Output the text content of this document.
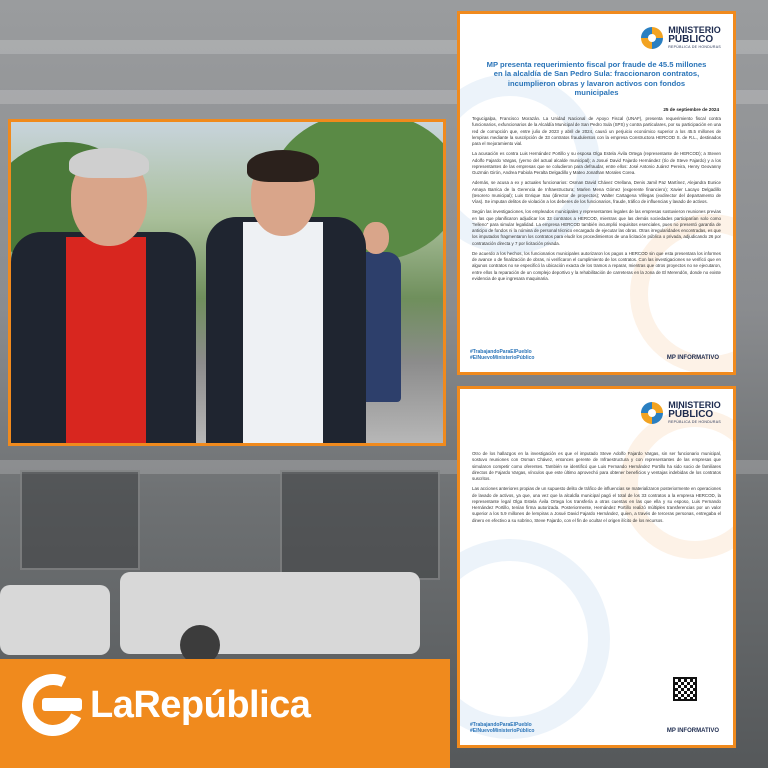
MINISTERIO
PÚBLICO
REPÚBLICA DE HONDURAS
MP presenta requerimiento fiscal por fraude de 45.5 millones en la alcaldía de San Pedro Sula: fraccionaron contratos, incumplieron obras y lavaron activos con fondos municipales
25 de septiembre de 2024

Tegucigalpa, Francisco Morazán. La Unidad Nacional de Apoyo Fiscal (UNAF), presenta requerimiento fiscal contra funcionarios, exfuncionarios de la Alcaldía Municipal de San Pedro Sula (SPS) y contra particulares, por su participación en una red de corrupción que, entre julio de 2023 y abril de 2024, causó un perjuicio económico superior a los 45.5 millones de lempiras mediante la suscripción de 33 contratos fraudulentos con la empresa Constructora HERCOD S. de R.L., destinados para el mejoramiento vial.

La acusación es contra Luis Hernández Portillo y su esposa Olga Estela Ávila Ortega (representante de HERCOD); a Steven Adolfo Fajardo Vargas, (yerno del actual alcalde municipal); a Josué David Fajardo Hernández (tío de Steve Fajardo) y a los representantes de las empresas que se coludieron para defraudar, entre ellos: José Antonio Juárez Pereira, Henry Geovanny Guzmán Girón, Andrea Fabiola Peralta Delgadillo y Mateo Jonathan Morales Corea.

Además, se acusa a ex y actuales funcionarios: Osman David Chávez Orellana, Denis Jamil Paz Martínez, Alejandra Eunice Amaya Barrica de la Gerencia de Infraestructura; Marlen Mena Gómez (exgerente financiero); Xavier Lacayo Delgadillo (tesorero municipal); Luis Enrique Sao (director de proyectos); Walter Cartagena Villegas (exdirector del departamento de Vías). Se imputan delitos de violación a los deberes de los funcionarios, fraude, tráfico de influencias y lavado de activos.

Según las investigaciones, los empleados municipales y representantes legales de las empresas sostuvieron reuniones previas en las que planificaron adjudicar los 33 contratos a HERCOD, mientras que las demás sociedades participarían solo como "relleno" para simular legalidad. La empresa HERCOD también incumplió requisitos esenciales, pues no presentó garantía de anticipo de fondos ni la nómina de personal técnico encargado de ejecutar las obras. Otras irregularidades encontradas, es que los imputados fragmentaron los contratos para eludir los procedimientos de una licitación pública o privada, adjudicando 26 por contratación directa y 7 por licitación privada.

De acuerdo a los hechos, los funcionarios municipales autorizaron los pagos a HERCOD sin que esta presentara los informes de avance o de finalización de obras, ni verificaron el cumplimiento de los contratos. Con las investigaciones se verificó que en algunos contratos no se especificó la ubicación exacta de los tramos a reparar, mientras que otros proyectos no se ejecutaron, entre ellos la reparación de un complejo deportivo y la rehabilitación de carreteras en la zona de El Merendón, donde no existe evidencia de que ingresara maquinaria.

#TrabajandoParaElPueblo
#ElNuevoMinisterioPúblico	MP INFORMATIVO
MINISTERIO
PÚBLICO
REPÚBLICA DE HONDURAS

Otro de los hallazgos en la investigación es que el imputado Steve Adolfo Fajardo Vargas, sin ser funcionario municipal, sostuvo reuniones con Osman Chávez, entonces gerente de Infraestructura y con representantes de las empresas que simularon competir como oferentes. También se identificó que Luis Fernando Hernández Portillo ha sido socio de familiares directos de Fajardo Vargas, vínculos que este último aprovechó para obtener beneficios y ventajas indebidas de los contratos suscritos.

Las acciones anteriores propias de un supuesto delito de tráfico de influencias se materializaron posteriormente en operaciones de lavado de activos, ya que, una vez que la alcaldía municipal pagó el total de los 33 contratos a la empresa HERCOD, la representante legal Olga Estela Ávila Ortega los transfería a otras cuentas en las que ella y su esposo, Luis Fernando Hernández Portillo, tenían firma autorizada. Posteriormente, Hernández Portillo realizó múltiples transferencias por un valor superior a los 5.9 millones de lempiras a Josué David Fajardo Hernández, quien, a través de terceras personas, entregaba el dinero en efectivo a su sobrino, Steve Fajardo, con el fin de ocultar el origen ilícito de los recursos.

#TrabajandoParaElPueblo
#ElNuevoMinisterioPúblico	MP INFORMATIVO
LaRepública
